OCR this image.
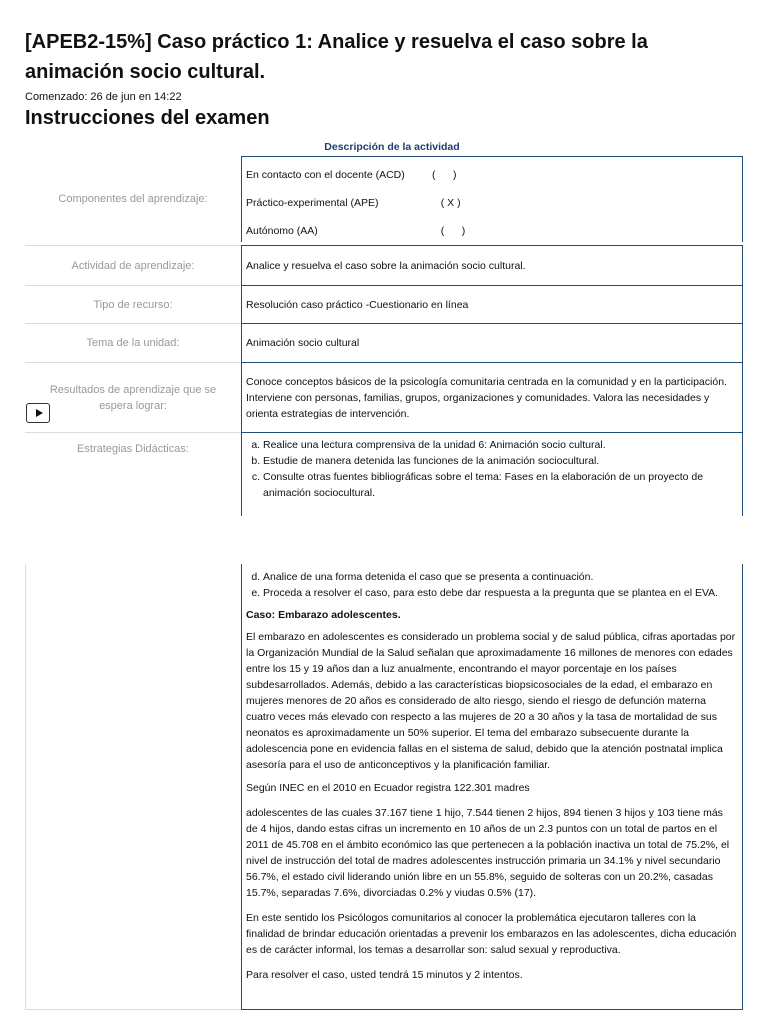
[APEB2-15%] Caso práctico 1: Analice y resuelva el caso sobre la animación socio cultural.
Comenzado: 26 de jun en 14:22
Instrucciones del examen
Descripción de la actividad
Componentes del aprendizaje:
En contacto con el docente (ACD)	(      )
Práctico-experimental (APE)	( X )
Autónomo (AA)	(      )
Actividad de aprendizaje:	Analice y resuelva el caso sobre la animación socio cultural.
Tipo de recurso:	Resolución caso práctico -Cuestionario en línea
Tema de la unidad:	Animación socio cultural
Resultados de aprendizaje que se espera lograr:
Conoce conceptos básicos de la psicología comunitaria centrada en la comunidad y en la participación. Interviene con personas, familias, grupos, organizaciones y comunidades. Valora las necesidades y orienta estrategias de intervención.
Estrategias Didácticas:
a.	Realice una lectura comprensiva de la unidad 6: Animación socio cultural.
b. Estudie de manera detenida las funciones de la animación sociocultural.
c. Consulte otras fuentes bibliográficas sobre el tema: Fases en la elaboración de un proyecto de animación sociocultural.
d. Analice de una forma detenida el caso que se presenta a continuación.
e. Proceda a resolver el caso, para esto debe dar respuesta a la pregunta que se plantea en el EVA.

Caso: Embarazo adolescentes.

El embarazo en adolescentes es considerado un problema social y de salud pública, cifras aportadas por la Organización Mundial de la Salud señalan que aproximadamente 16 millones de menores con edades entre los 15 y 19 años dan a luz anualmente, encontrando el mayor porcentaje en los países subdesarrollados. Además, debido a las características biopsicosociales de la edad, el embarazo en mujeres menores de 20 años es considerado de alto riesgo, siendo el riesgo de defunción materna cuatro veces más elevado con respecto a las mujeres de 20 a 30 años y la tasa de mortalidad de sus neonatos es aproximadamente un 50% superior. El tema del embarazo subsecuente durante la adolescencia pone en evidencia fallas en el sistema de salud, debido que la atención postnatal implica asesoría para el uso de anticonceptivos y la planificación familiar.

Según INEC en el 2010 en Ecuador registra 122.301 madres

adolescentes de las cuales 37.167 tiene 1 hijo, 7.544 tienen 2 hijos, 894 tienen 3 hijos y 103 tiene más de 4 hijos, dando estas cifras un incremento en 10 años de un 2.3 puntos con un total de partos en el 2011 de 45.708 en el ámbito económico las que pertenecen a la población inactiva un total de 75.2%, el nivel de instrucción del total de madres adolescentes instrucción primaria un 34.1% y nivel secundario 56.7%, el estado civil liderando unión libre en un 55.8%, seguido de solteras con un 20.2%, casadas 15.7%, separadas 7.6%, divorciadas 0.2% y viudas 0.5% (17).

En este sentido los Psicólogos comunitarios al conocer la problemática ejecutaron talleres con la finalidad de brindar educación orientadas a prevenir los embarazos en las adolescentes, dicha educación es de carácter informal, los temas a desarrollar son: salud sexual y reproductiva.

Para resolver el caso, usted tendrá 15 minutos y 2 intentos.
